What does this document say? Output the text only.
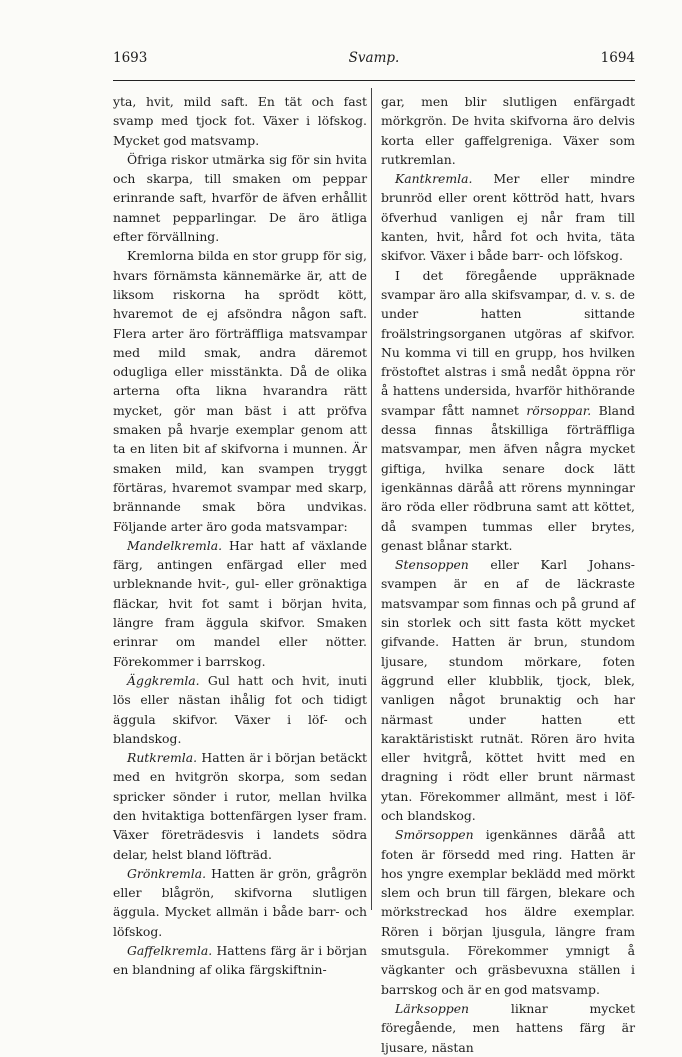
1693	Svamp.	1694

yta, hvit, mild saft. En tät och fast svamp med tjock fot. Växer i löfskog. Mycket god matsvamp.

Öfriga riskor utmärka sig för sin hvita och skarpa, till smaken om peppar erinrande saft, hvarför de äfven erhållit namnet pepparlingar. De äro ätliga efter förvällning.

Kremlorna bilda en stor grupp för sig, hvars förnämsta kännemärke är, att de liksom riskorna ha sprödt kött, hvaremot de ej afsöndra någon saft. Flera arter äro förträffliga matsvampar med mild smak, andra däremot odugliga eller misstänkta. Då de olika arterna ofta likna hvarandra rätt mycket, gör man bäst i att pröfva smaken på hvarje exemplar genom att ta en liten bit af skifvorna i munnen. Är smaken mild, kan svampen tryggt förtäras, hvaremot svampar med skarp, brännande smak böra undvikas. Följande arter äro goda matsvampar:

Mandelkremla. Har hatt af växlande färg, antingen enfärgad eller med urbleknande hvit-, gul- eller grönaktiga fläckar, hvit fot samt i början hvita, längre fram äggula skifvor. Smaken erinrar om mandel eller nötter. Förekommer i barrskog.

Äggkremla. Gul hatt och hvit, inuti lös eller nästan ihålig fot och tidigt äggula skifvor. Växer i löf- och blandskog.

Rutkremla. Hatten är i början betäckt med en hvitgrön skorpa, som sedan spricker sönder i rutor, mellan hvilka den hvitaktiga bottenfärgen lyser fram. Växer företrädesvis i landets södra delar, helst bland löfträd.

Grönkremla. Hatten är grön, grågrön eller blågrön, skifvorna slutligen äggula. Mycket allmän i både barr- och löfskog.

Gaffelkremla. Hattens färg är i början en blandning af olika färgskiftnin-

gar, men blir slutligen enfärgadt mörkgrön. De hvita skifvorna äro delvis korta eller gaffelgreniga. Växer som rutkremlan.

Kantkremla. Mer eller mindre brunröd eller orent köttröd hatt, hvars öfverhud vanligen ej når fram till kanten, hvit, hård fot och hvita, täta skifvor. Växer i både barr- och löfskog.

I det föregående uppräknade svampar äro alla skifsvampar, d. v. s. de under hatten sittande froälstringsorganen utgöras af skifvor. Nu komma vi till en grupp, hos hvilken fröstoftet alstras i små nedåt öppna rör å hattens undersida, hvarför hithörande svampar fått namnet rörsoppar. Bland dessa finnas åtskilliga förträffliga matsvampar, men äfven några mycket giftiga, hvilka senare dock lätt igenkännas däråå att rörens mynningar äro röda eller rödbruna samt att köttet, då svampen tummas eller brytes, genast blånar starkt.

Stensoppen eller Karl Johans-svampen är en af de läckraste matsvampar som finnas och på grund af sin storlek och sitt fasta kött mycket gifvande. Hatten är brun, stundom ljusare, stundom mörkare, foten äggrund eller klubblik, tjock, blek, vanligen något brunaktig och har närmast under hatten ett karaktäristiskt rutnät. Rören äro hvita eller hvitgrå, köttet hvitt med en dragning i rödt eller brunt närmast ytan. Förekommer allmänt, mest i löf- och blandskog.

Smörsoppen igenkännes däråå att foten är försedd med ring. Hatten är hos yngre exemplar beklädd med mörkt slem och brun till färgen, blekare och mörkstreckad hos äldre exemplar. Rören i början ljusgula, längre fram smutsgula. Förekommer ymnigt å vägkanter och gräsbevuxna ställen i barrskog och är en god matsvamp.

Lärksoppen liknar mycket föregående, men hattens färg är ljusare, nästan
